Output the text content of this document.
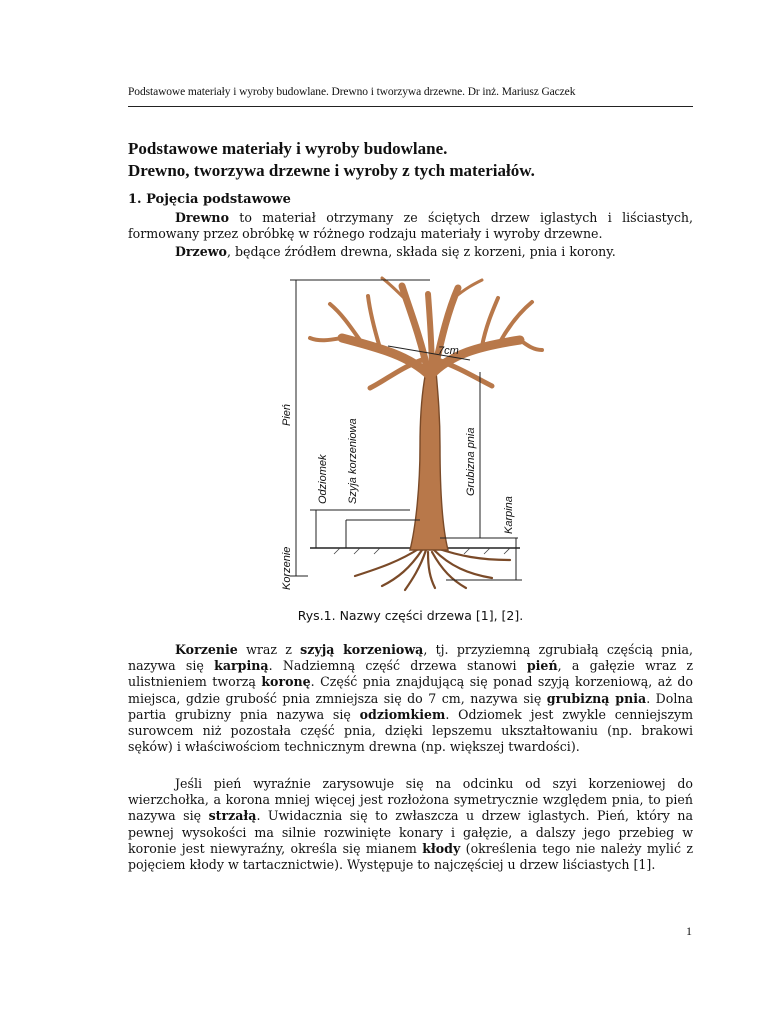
Podstawowe materiały i wyroby budowlane. Drewno i tworzywa drzewne. Dr inż. Mariusz Gaczek
Podstawowe materiały i wyroby budowlane.
Drewno, tworzywa drzewne i wyroby z tych materiałów.
1. Pojęcia podstawowe
Drewno to materiał otrzymany ze ściętych drzew iglastych i liściastych, formowany przez obróbkę w różnego rodzaju materiały i wyroby drzewne.
Drzewo, będące źródłem drewna, składa się z korzeni, pnia i korony.
7cm
Pień
Odziomek Szyja korzeniowa	Grubizna pnia
Karpina
Korzenie
Rys.1. Nazwy części drzewa [1], [2].
Korzenie wraz z szyją korzeniową, tj. przyziemną zgrubiałą częścią pnia, nazywa się karpiną. Nadziemną część drzewa stanowi pień, a gałęzie wraz z ulistnieniem tworzą koronę. Część pnia znajdującą się ponad szyją korzeniową, aż do miejsca, gdzie grubość pnia zmniejsza się do 7 cm, nazywa się grubizną pnia. Dolna partia grubizny pnia nazywa się odziomkiem. Odziomek jest zwykle cenniejszym surowcem niż pozostała część pnia, dzięki lepszemu ukształtowaniu (np. brakowi sęków) i właściwościom technicznym drewna (np. większej twardości).
Jeśli pień wyraźnie zarysowuje się na odcinku od szyi korzeniowej do wierzchołka, a korona mniej więcej jest rozłożona symetrycznie względem pnia, to pień nazywa się strzałą. Uwidacznia się to zwłaszcza u drzew iglastych. Pień, który na pewnej wysokości ma silnie rozwinięte konary i gałęzie, a dalszy jego przebieg w koronie jest niewyraźny, określa się mianem kłody (określenia tego nie należy mylić z pojęciem kłody w tartacznictwie). Występuje to najczęściej u drzew liściastych [1].
1
